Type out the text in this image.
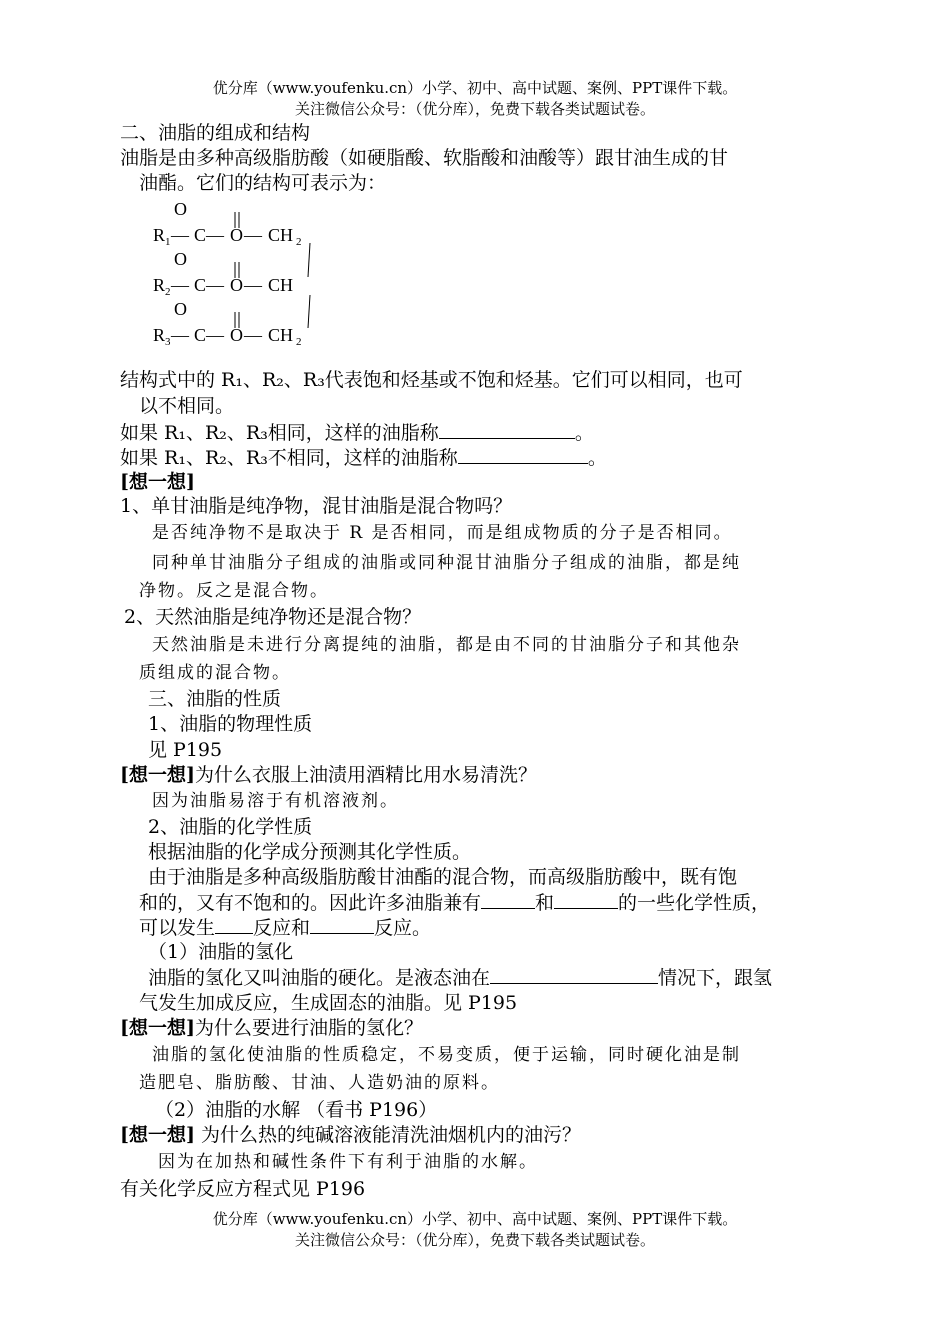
优分库（www.youfenku.cn）小学、初中、高中试题、案例、PPT课件下载。
关注微信公众号：（优分库），免费下载各类试题试卷。
二、油脂的组成和结构
油脂是由多种高级脂肪酸（如硬脂酸、软脂酸和油酸等）跟甘油生成的甘
油酯。它们的结构可表示为：
O
R 1 — C — O — CH 2
O
R 2 — C — O — CH
O
R 3 — C — O — CH 2
结构式中的 R₁、R₂、R₃代表饱和烃基或不饱和烃基。它们可以相同，也可
以不相同。
如果 R₁、R₂、R₃相同，这样的油脂称	。
如果 R₁、R₂、R₃不相同，这样的油脂称	。
[想一想]
1、单甘油脂是纯净物，混甘油脂是混合物吗？
是否纯净物不是取决于 R 是否相同，而是组成物质的分子是否相同。
同种单甘油脂分子组成的油脂或同种混甘油脂分子组成的油脂，都是纯
净物。反之是混合物。
2、天然油脂是纯净物还是混合物？
天然油脂是未进行分离提纯的油脂，都是由不同的甘油脂分子和其他杂
质组成的混合物。
三、油脂的性质
1、油脂的物理性质
见 P195
[想一想]为什么衣服上油渍用酒精比用水易清洗？
因为油脂易溶于有机溶液剂。
2、油脂的化学性质
根据油脂的化学成分预测其化学性质。
由于油脂是多种高级脂肪酸甘油酯的混合物，而高级脂肪酸中，既有饱
和的，又有不饱和的。因此许多油脂兼有	和	的一些化学性质，
可以发生 反应和	反应。
（1）油脂的氢化
油脂的氢化又叫油脂的硬化。是液态油在	情况下，跟氢
气发生加成反应，生成固态的油脂。见 P195
[想一想]为什么要进行油脂的氢化？
油脂的氢化使油脂的性质稳定，不易变质，便于运输，同时硬化油是制
造肥皂、脂肪酸、甘油、人造奶油的原料。
（2）油脂的水解 （看书 P196）
[想一想] 为什么热的纯碱溶液能清洗油烟机内的油污？
因为在加热和碱性条件下有利于油脂的水解。
有关化学反应方程式见 P196
优分库（www.youfenku.cn）小学、初中、高中试题、案例、PPT课件下载。
关注微信公众号：（优分库），免费下载各类试题试卷。
